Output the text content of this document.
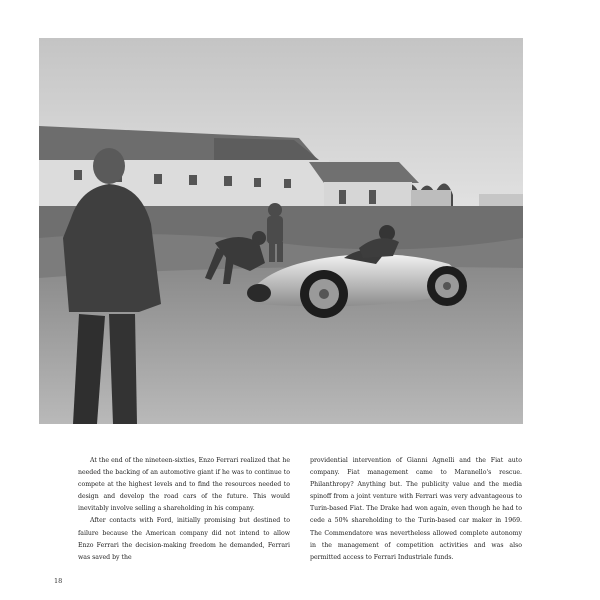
At the end of the nineteen-sixties, Enzo Ferrari realized that he needed the backing of an automotive giant if he was to continue to compete at the highest levels and to find the resources needed to design and develop the road cars of the future. This would inevitably involve selling a shareholding in his company.

After contacts with Ford, initially promising but destined to failure because the American company did not intend to allow Enzo Ferrari the decision-making freedom he demanded, Ferrari was saved by the

providential intervention of Gianni Agnelli and the Fiat auto company. Fiat management came to Maranello's rescue. Philanthropy? Anything but. The publicity value and the media spinoff from a joint venture with Ferrari was very advantageous to Turin-based Fiat. The Drake had won again, even though he had to cede a 50% shareholding to the Turin-based car maker in 1969. The Commendatore was nevertheless allowed complete autonomy in the management of competition activities and was also permitted access to Ferrari Industriale funds.

18
